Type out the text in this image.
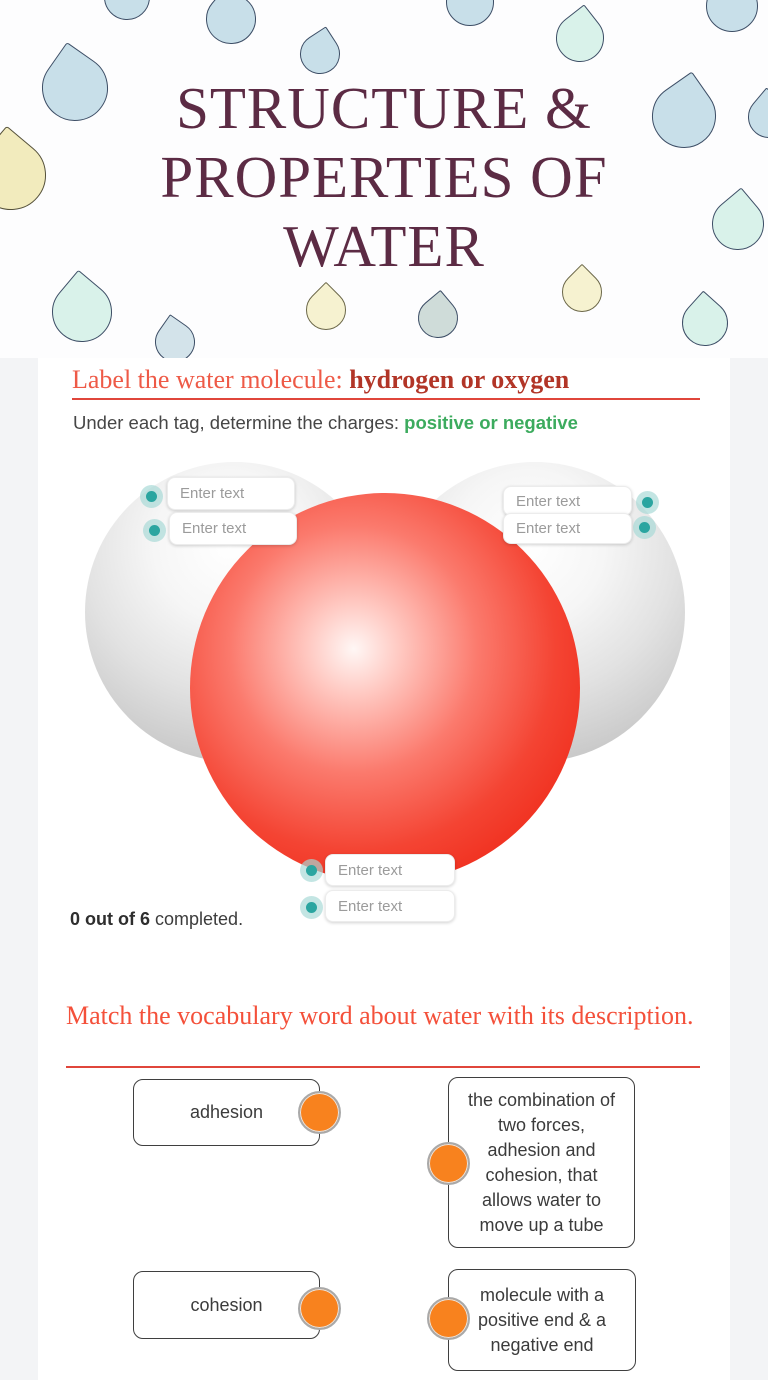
STRUCTURE &
PROPERTIES OF
WATER
Label the water molecule: hydrogen or oxygen
Under each tag, determine the charges: positive or negative
Enter text
Enter text
Enter text
Enter text
Enter text
Enter text
0 out of 6 completed.
Match the vocabulary word about water with its description.
adhesion
the combination of two forces, adhesion and cohesion, that allows water to move up a tube
cohesion	molecule with a positive end & a negative end
